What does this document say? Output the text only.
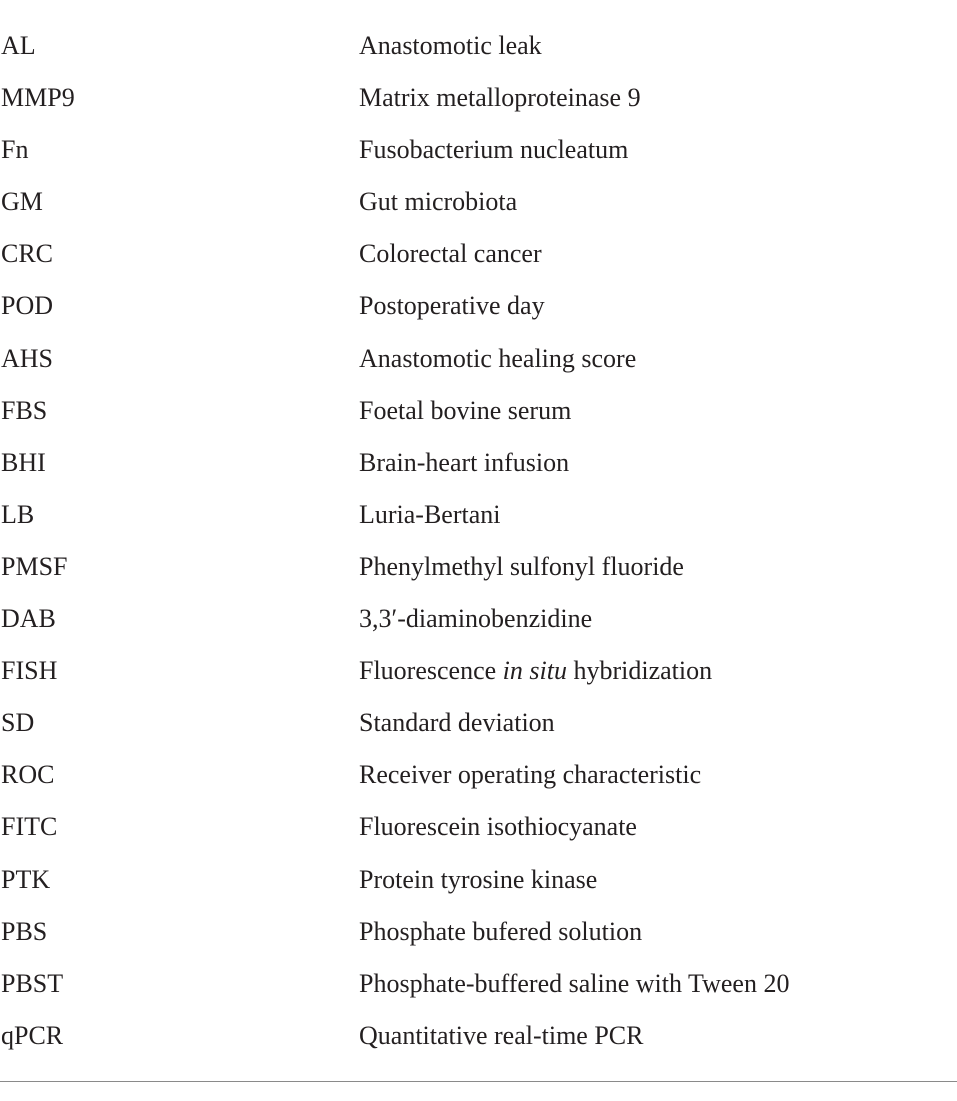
AL	Anastomotic leak
MMP9	Matrix metalloproteinase 9
Fn	Fusobacterium nucleatum
GM	Gut microbiota
CRC	Colorectal cancer
POD	Postoperative day
AHS	Anastomotic healing score
FBS	Foetal bovine serum
BHI	Brain-heart infusion
LB	Luria-Bertani
PMSF	Phenylmethyl sulfonyl fluoride
DAB	3,3′-diaminobenzidine
FISH	Fluorescence in situ hybridization
SD	Standard deviation
ROC	Receiver operating characteristic
FITC	Fluorescein isothiocyanate
PTK	Protein tyrosine kinase
PBS	Phosphate bufered solution
PBST	Phosphate-buffered saline with Tween 20
qPCR	Quantitative real-time PCR
